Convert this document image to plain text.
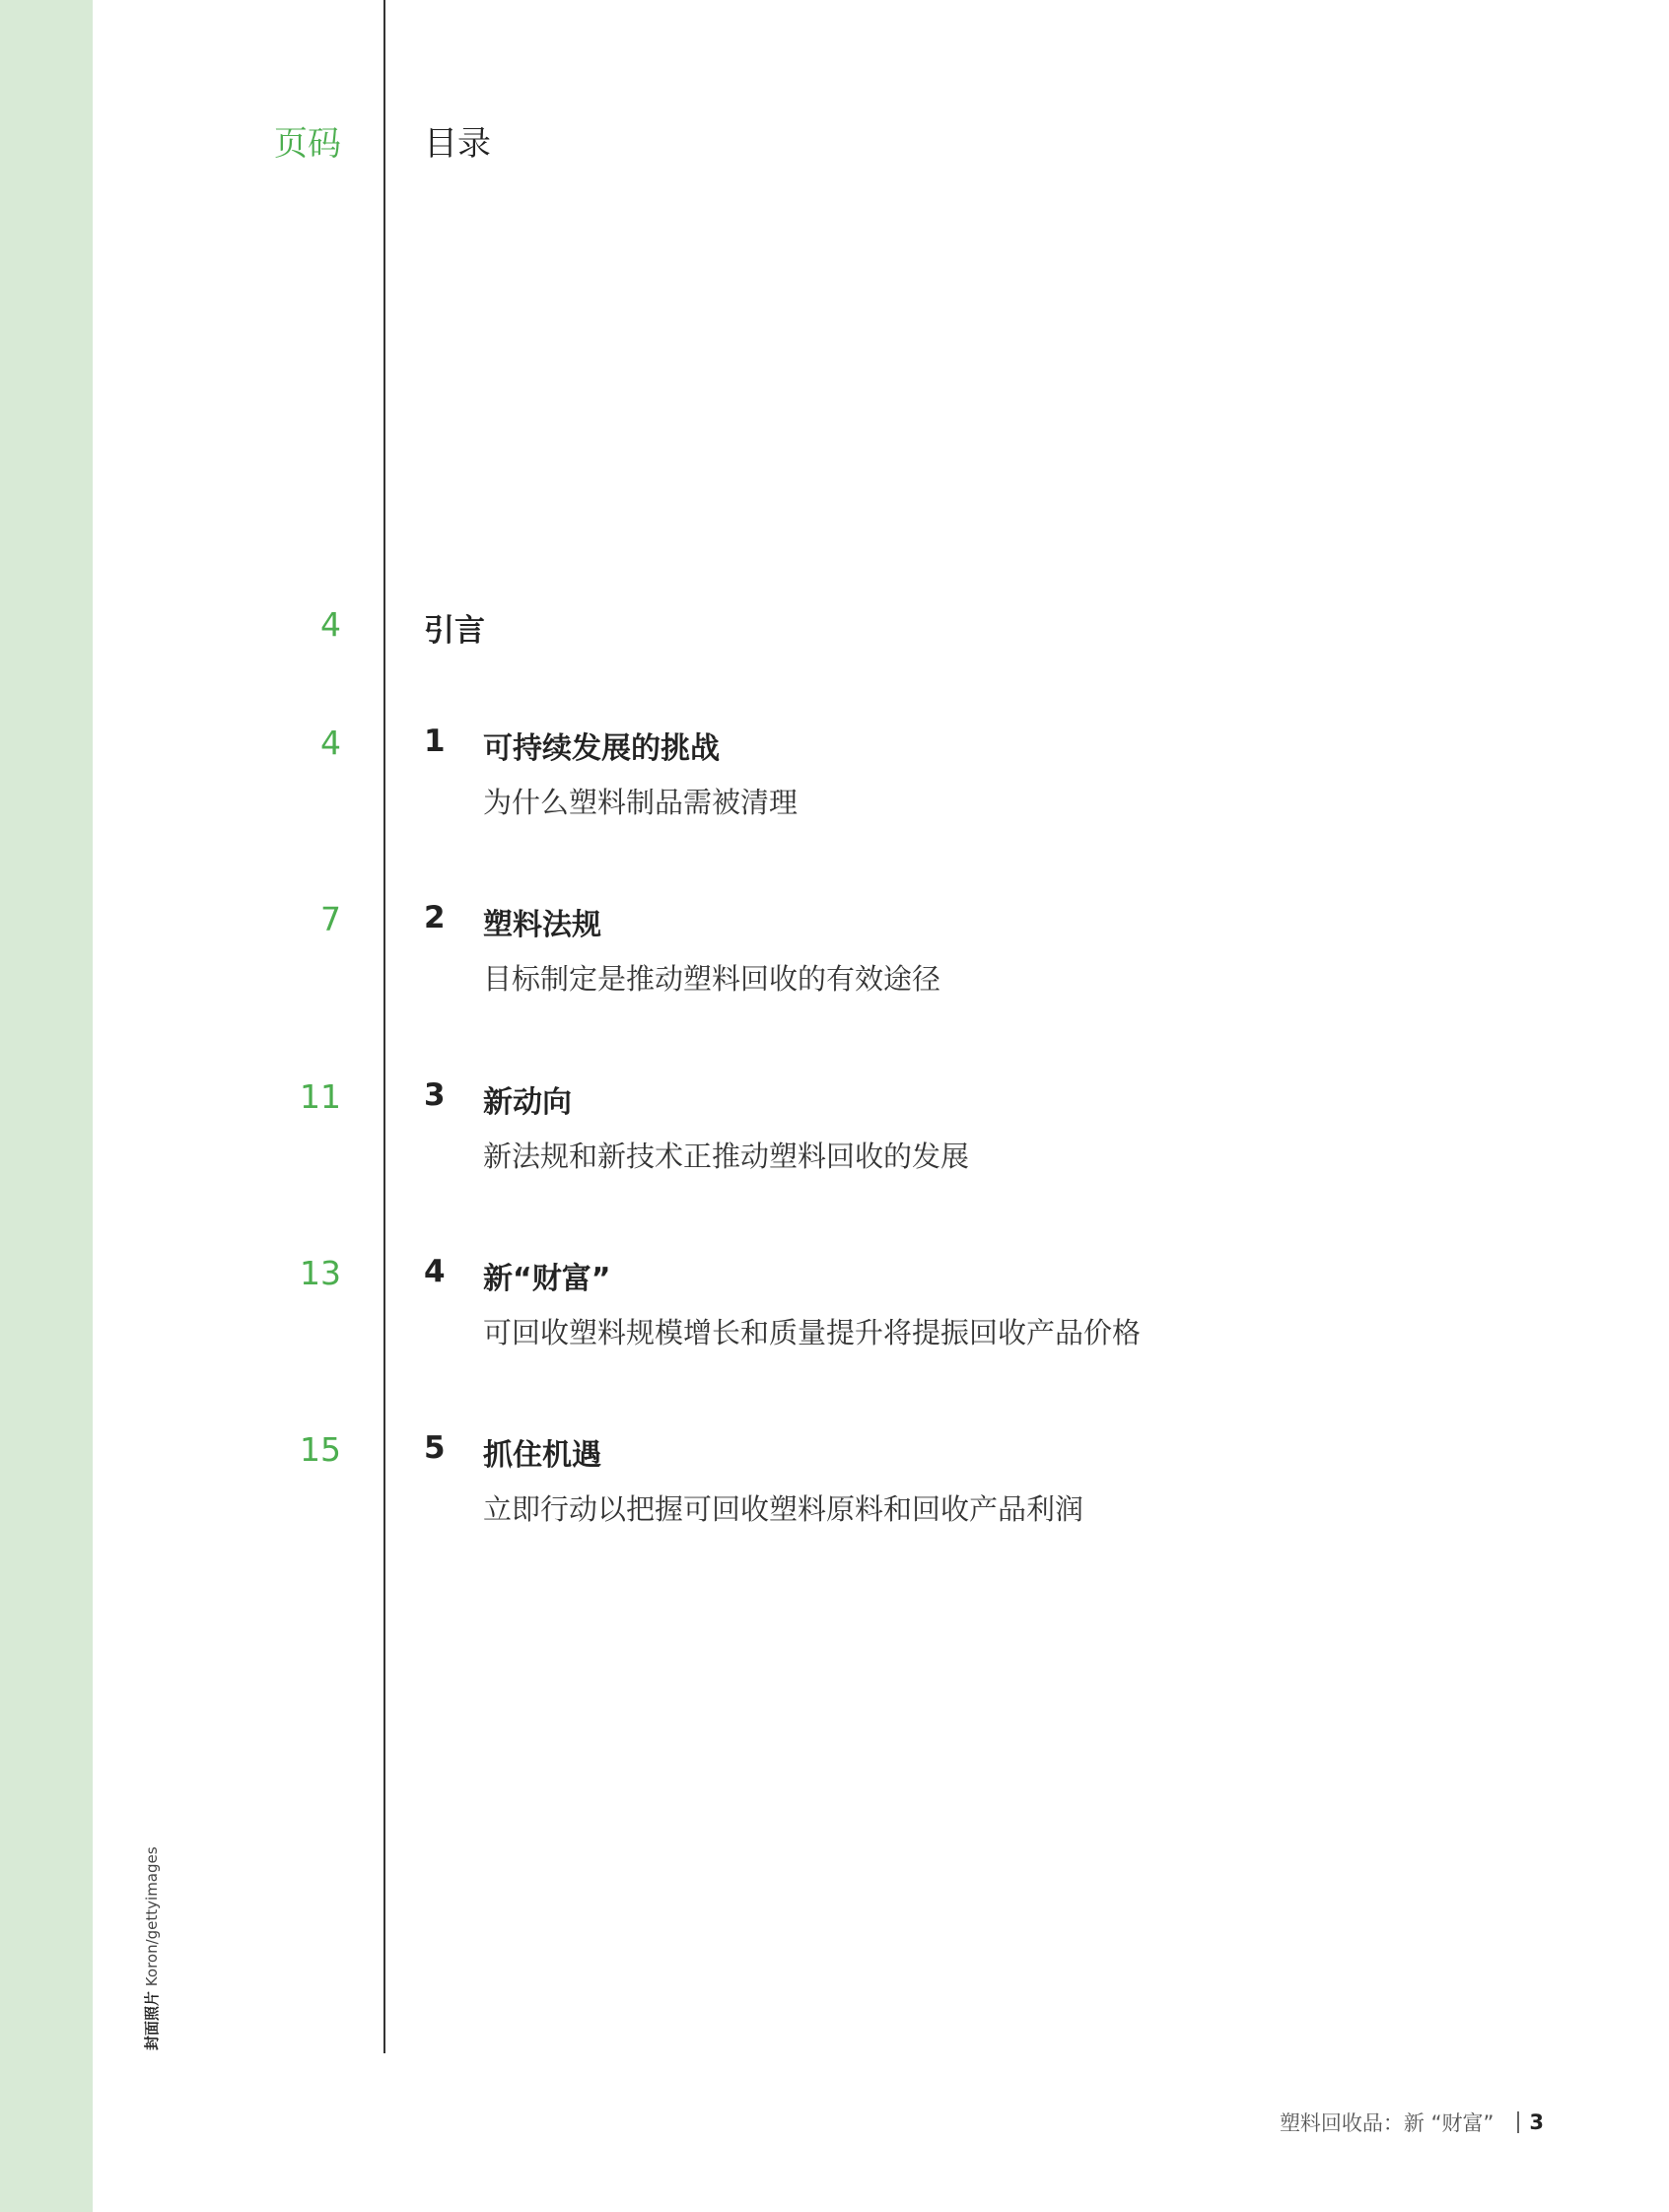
页码 目录
4	引言
4	1 可持续发展的挑战
为什么塑料制品需被清理
7	2 塑料法规
目标制定是推动塑料回收的有效途径
11	3 新动向
新法规和新技术正推动塑料回收的发展
13	4 新“财富”
可回收塑料规模增长和质量提升将提振回收产品价格
15	5 抓住机遇
立即行动以把握可回收塑料原料和回收产品利润
封面照片 Koron/gettyimages
塑料回收品：新 “财富” 3
